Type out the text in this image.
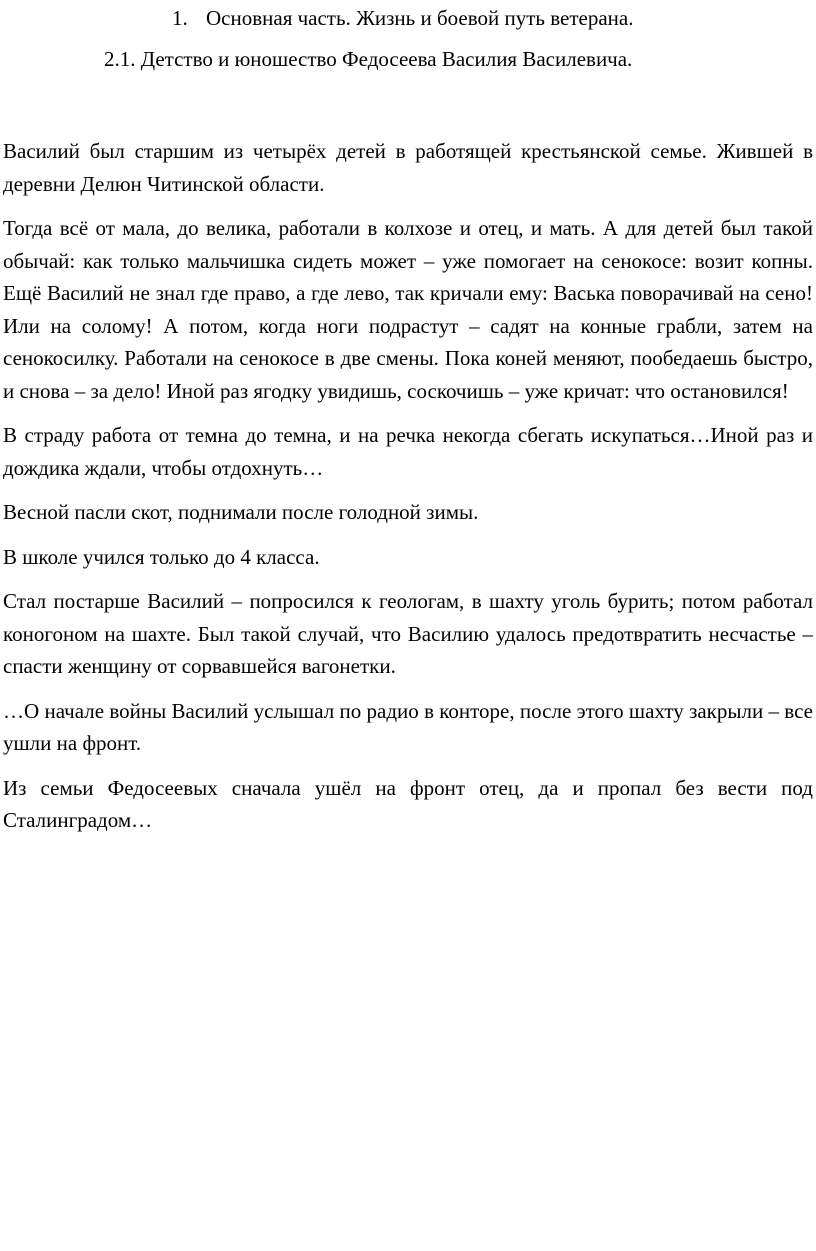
1. Основная часть. Жизнь и боевой путь ветерана.
2.1. Детство и юношество Федосеева Василия Василевича.

Василий был старшим из четырёх детей в работящей крестьянской семье. Жившей в деревни Делюн Читинской области.

Тогда всё от мала, до велика, работали в колхозе и отец, и мать. А для детей был такой обычай: как только мальчишка сидеть может – уже помогает на сенокосе: возит копны. Ещё Василий не знал где право, а где лево, так кричали ему: Васька поворачивай на сено! Или на солому! А потом, когда ноги подрастут – садят на конные грабли, затем на сенокосилку. Работали на сенокосе в две смены. Пока коней меняют, пообедаешь быстро, и снова – за дело! Иной раз ягодку увидишь, соскочишь – уже кричат: что остановился!

В страду работа от темна до темна, и на речка некогда сбегать искупаться…Иной раз и дождика ждали, чтобы отдохнуть…

Весной пасли скот, поднимали после голодной зимы.

В школе учился только до 4 класса.

Стал постарше Василий – попросился к геологам, в шахту уголь бурить; потом работал коногоном на шахте. Был такой случай, что Василию удалось предотвратить несчастье – спасти женщину от сорвавшейся вагонетки.

…О начале войны Василий услышал по радио в конторе, после этого шахту закрыли – все ушли на фронт.

Из семьи Федосеевых сначала ушёл на фронт отец, да и пропал без вести под Сталинградом…
